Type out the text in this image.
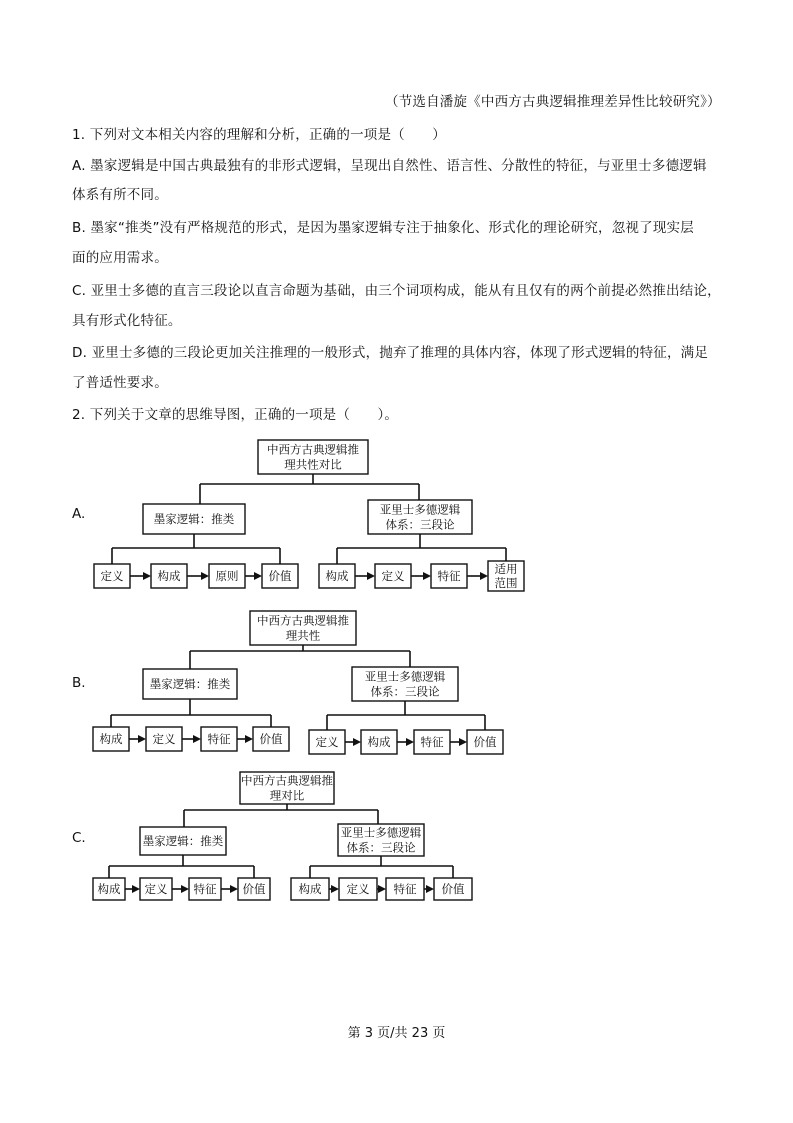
（节选自潘旋《中西方古典逻辑推理差异性比较研究》）
1. 下列对文本相关内容的理解和分析，正确的一项是（　　）
A. 墨家逻辑是中国古典最独有的非形式逻辑，呈现出自然性、语言性、分散性的特征，与亚里士多德逻辑
体系有所不同。
B. 墨家“推类”没有严格规范的形式，是因为墨家逻辑专注于抽象化、形式化的理论研究，忽视了现实层
面的应用需求。
C. 亚里士多德的直言三段论以直言命题为基础，由三个词项构成，能从有且仅有的两个前提必然推出结论，
具有形式化特征。
D. 亚里士多德的三段论更加关注推理的一般形式，抛弃了推理的具体内容，体现了形式逻辑的特征，满足
了普适性要求。
2. 下列关于文章的思维导图，正确的一项是（　　）。
A.
B.
C.
中西方古典逻辑推
理共性对比
墨家逻辑：推类
亚里士多德逻辑
体系：三段论
定义	构成	原则	价值	构成	定义	特征	适用
范围
中西方古典逻辑推
理共性
墨家逻辑：推类
亚里士多德逻辑
体系：三段论
构成	定义	特征	价值	定义	构成	特征	价值
中西方古典逻辑推
理对比
墨家逻辑：推类
亚里士多德逻辑
体系：三段论
构成 定义 特征 价值	构成 定义 特征 价值
第 3 页/共 23 页
